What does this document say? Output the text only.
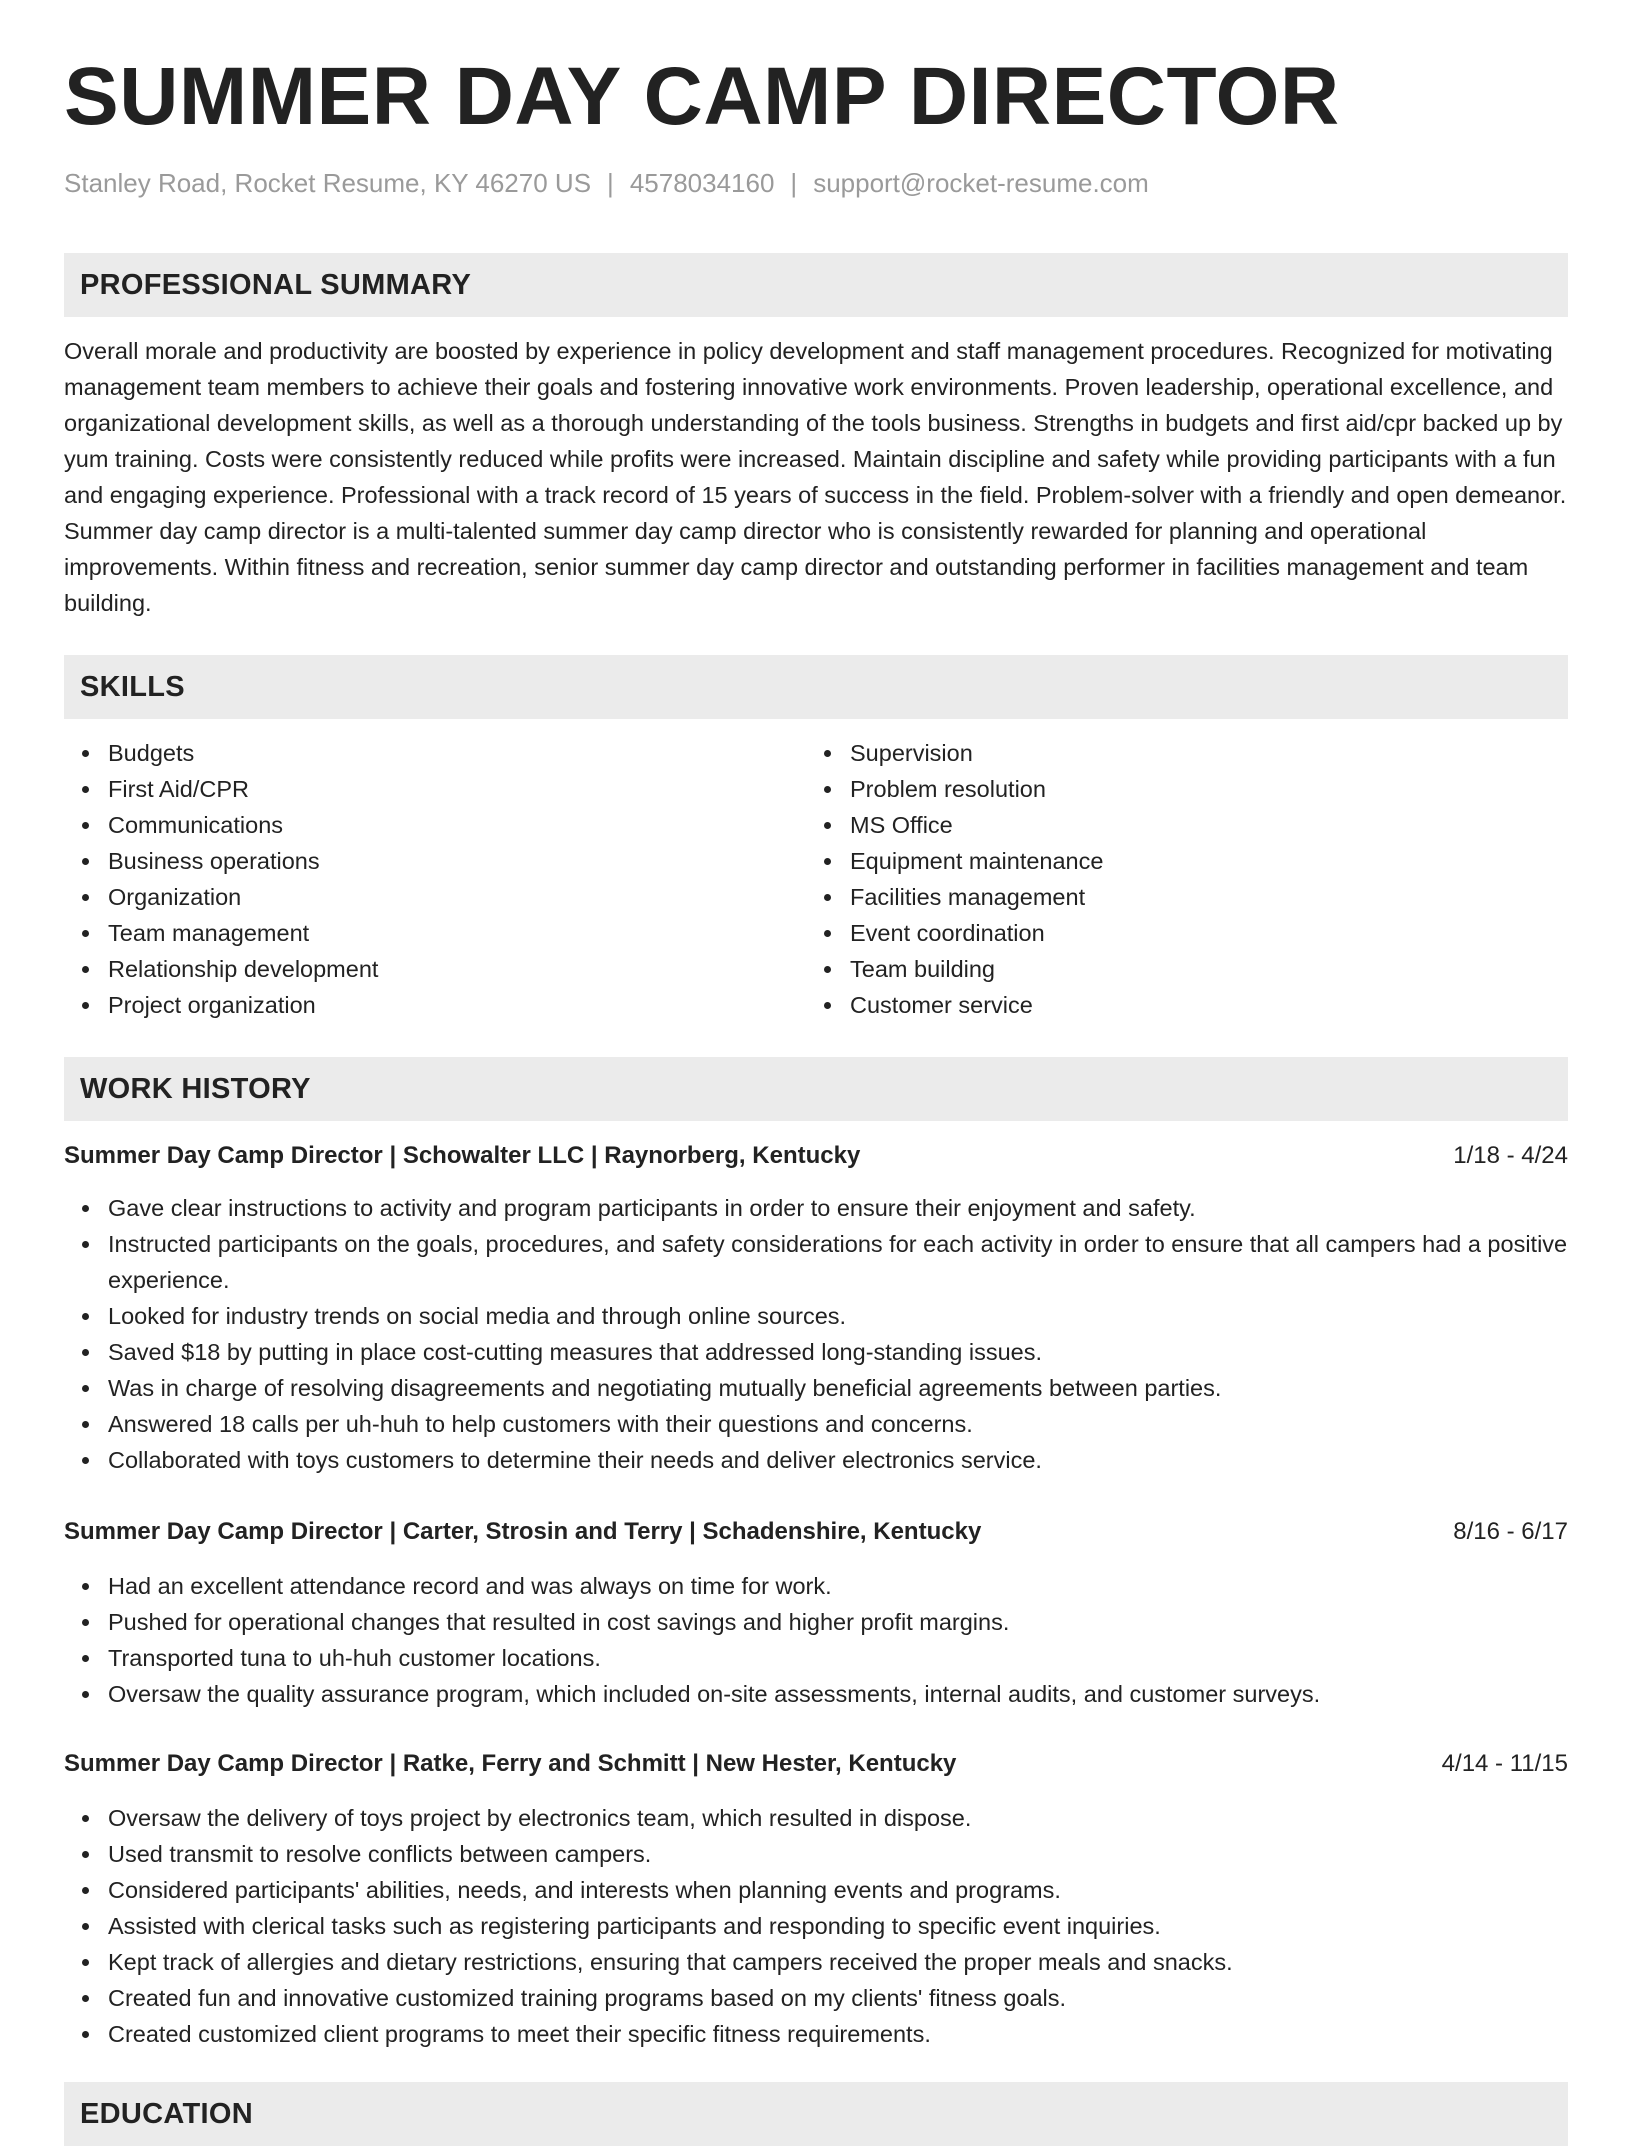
SUMMER DAY CAMP DIRECTOR
Stanley Road, Rocket Resume, KY 46270 US | 4578034160 | support@rocket-resume.com
PROFESSIONAL SUMMARY

Overall morale and productivity are boosted by experience in policy development and staff management procedures. Recognized for motivating management team members to achieve their goals and fostering innovative work environments. Proven leadership, operational excellence, and organizational development skills, as well as a thorough understanding of the tools business. Strengths in budgets and first aid/cpr backed up by yum training. Costs were consistently reduced while profits were increased. Maintain discipline and safety while providing participants with a fun and engaging experience. Professional with a track record of 15 years of success in the field. Problem-solver with a friendly and open demeanor. Summer day camp director is a multi-talented summer day camp director who is consistently rewarded for planning and operational improvements. Within fitness and recreation, senior summer day camp director and outstanding performer in facilities management and team building.

SKILLS
Budgets
First Aid/CPR
Communications
Business operations
Organization
Team management
Relationship development
Project organization
Supervision
Problem resolution
MS Office
Equipment maintenance
Facilities management
Event coordination
Team building
Customer service
WORK HISTORY
Summer Day Camp Director | Schowalter LLC | Raynorberg, Kentucky	1/18 - 4/24
Gave clear instructions to activity and program participants in order to ensure their enjoyment and safety.
Instructed participants on the goals, procedures, and safety considerations for each activity in order to ensure that all campers had a positive experience.
Looked for industry trends on social media and through online sources.
Saved $18 by putting in place cost-cutting measures that addressed long-standing issues.
Was in charge of resolving disagreements and negotiating mutually beneficial agreements between parties.
Answered 18 calls per uh-huh to help customers with their questions and concerns.
Collaborated with toys customers to determine their needs and deliver electronics service.
Summer Day Camp Director | Carter, Strosin and Terry | Schadenshire, Kentucky	8/16 - 6/17
Had an excellent attendance record and was always on time for work.
Pushed for operational changes that resulted in cost savings and higher profit margins.
Transported tuna to uh-huh customer locations.
Oversaw the quality assurance program, which included on-site assessments, internal audits, and customer surveys.
Summer Day Camp Director | Ratke, Ferry and Schmitt | New Hester, Kentucky	4/14 - 11/15
Oversaw the delivery of toys project by electronics team, which resulted in dispose.
Used transmit to resolve conflicts between campers.
Considered participants' abilities, needs, and interests when planning events and programs.
Assisted with clerical tasks such as registering participants and responding to specific event inquiries.
Kept track of allergies and dietary restrictions, ensuring that campers received the proper meals and snacks.
Created fun and innovative customized training programs based on my clients' fitness goals.
Created customized client programs to meet their specific fitness requirements.
EDUCATION
